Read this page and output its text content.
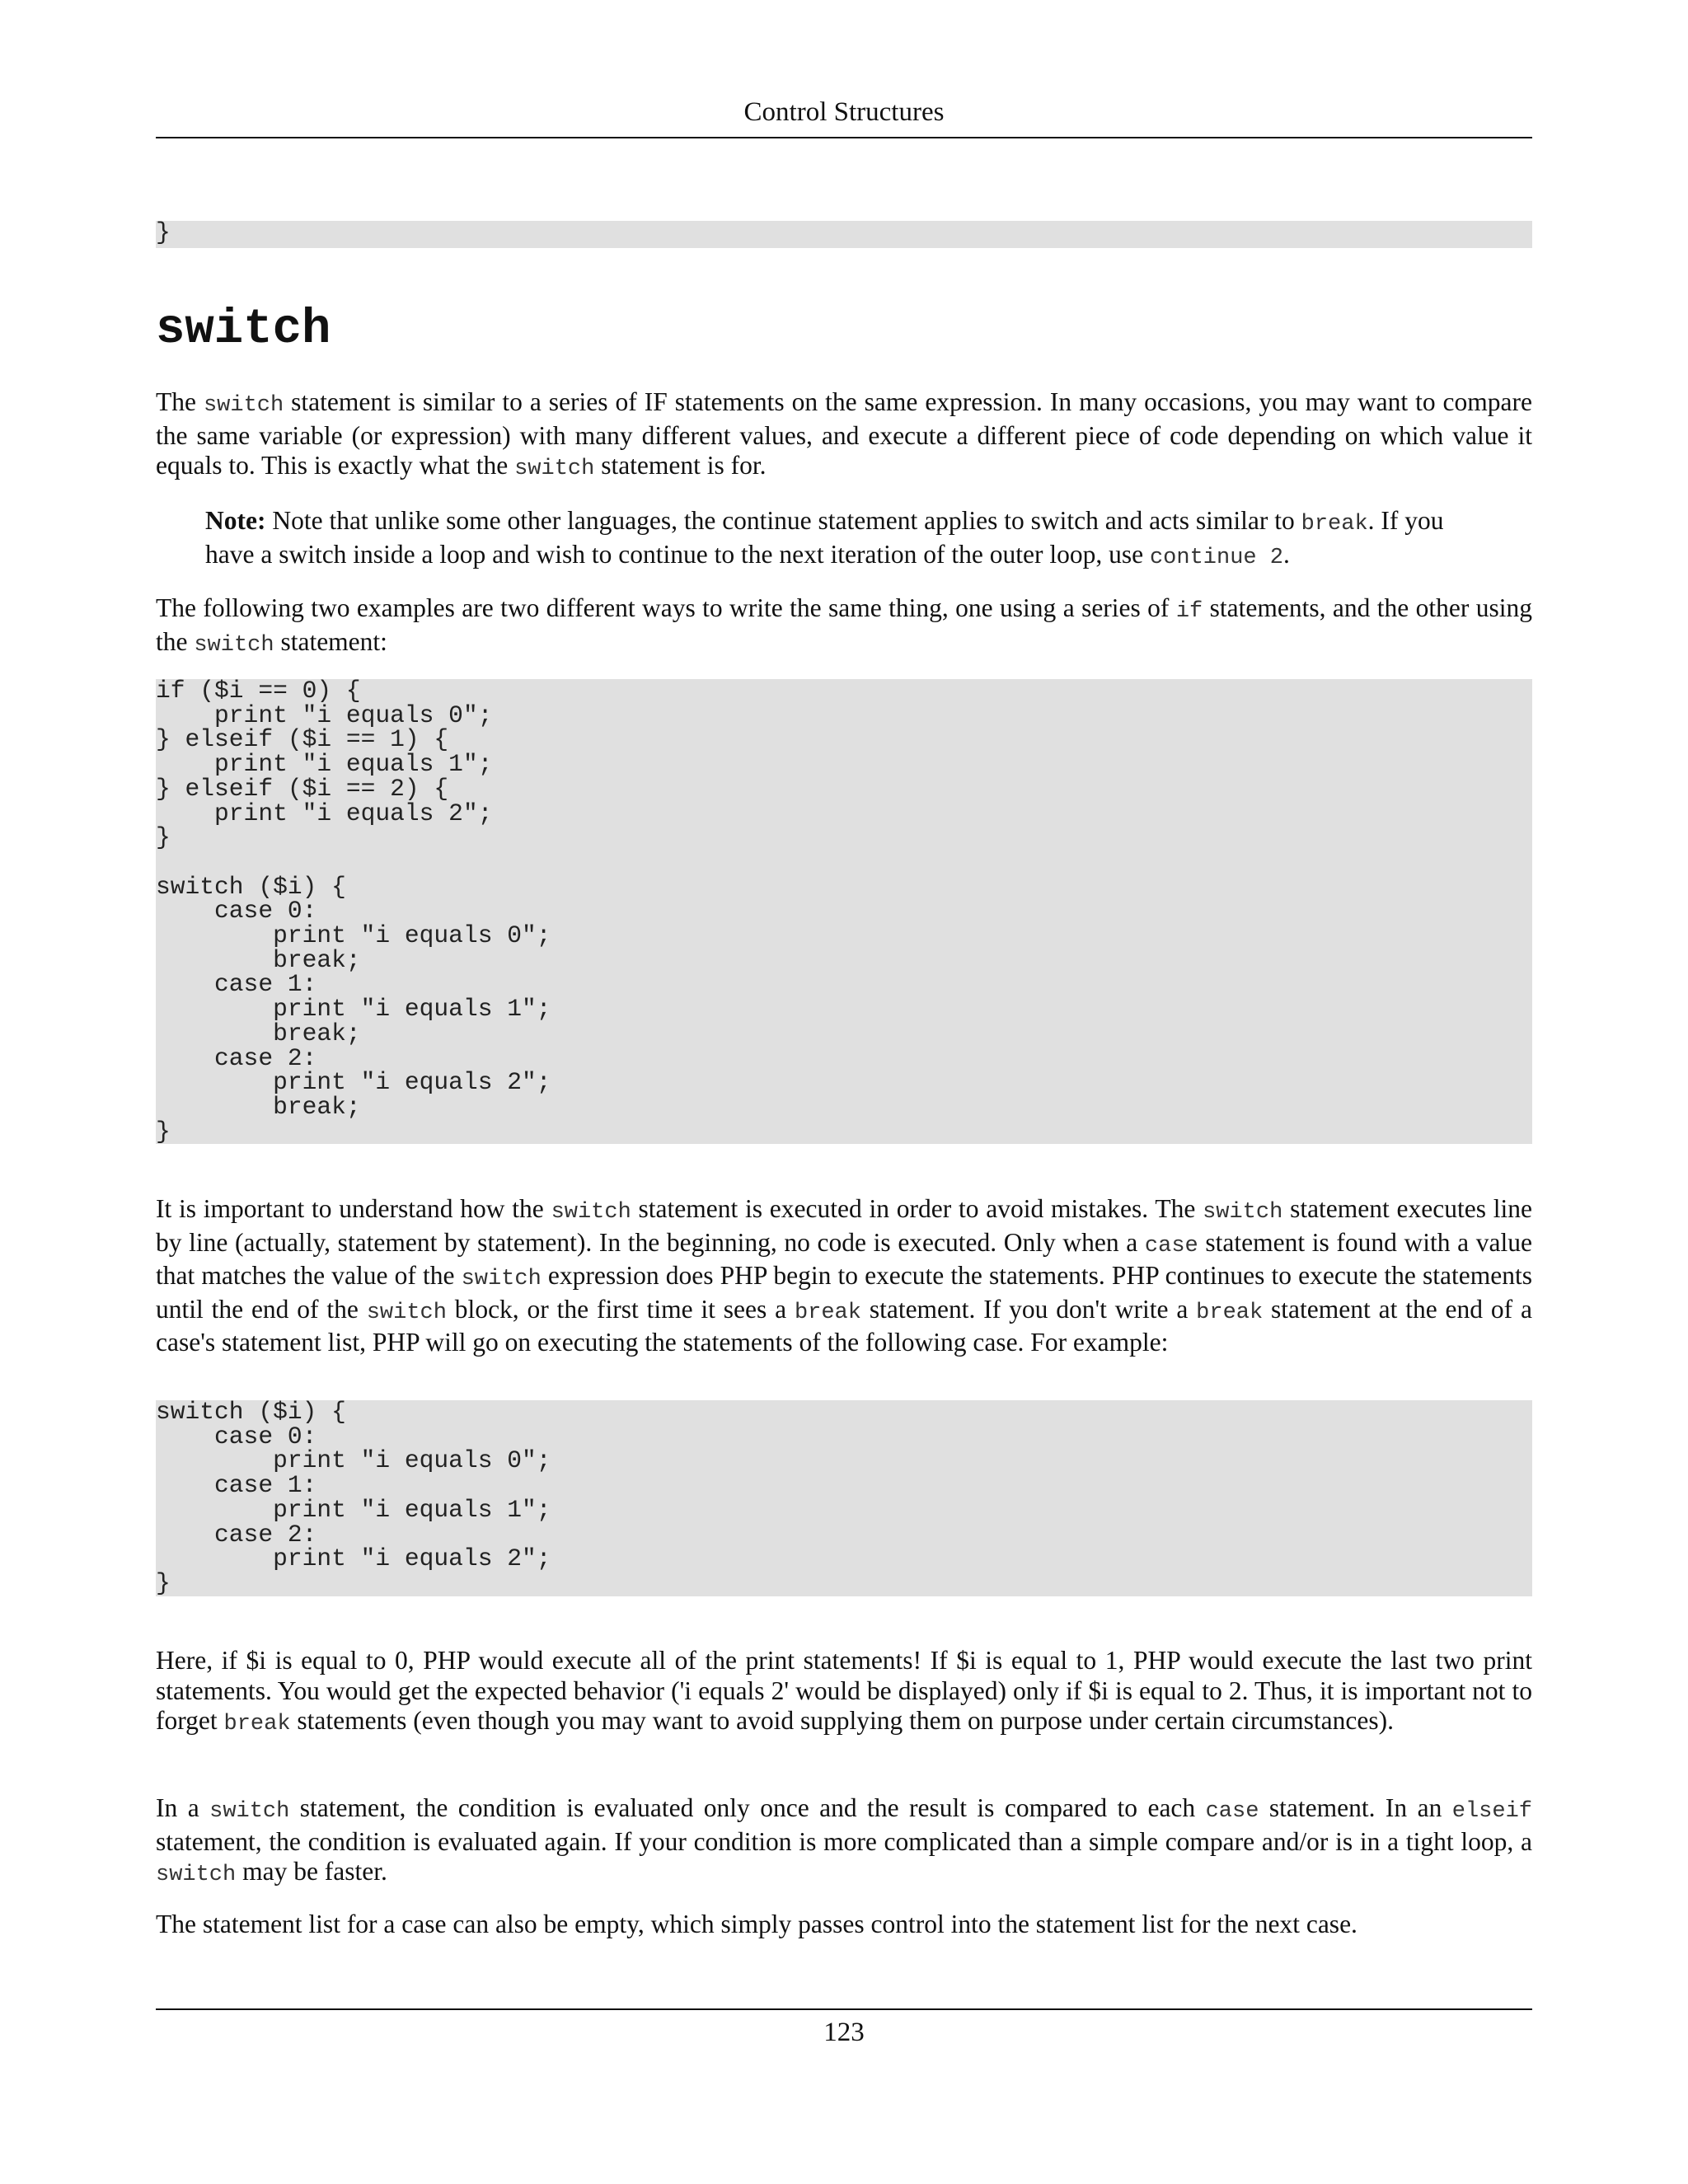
Control Structures
}
switch

The switch statement is similar to a series of IF statements on the same expression. In many occasions, you may want to compare the same variable (or expression) with many different values, and execute a different piece of code depending on which value it equals to. This is exactly what the switch statement is for.

Note: Note that unlike some other languages, the continue statement applies to switch and acts similar to break. If you have a switch inside a loop and wish to continue to the next iteration of the outer loop, use continue 2.

The following two examples are two different ways to write the same thing, one using a series of if statements, and the other using the switch statement:

if ($i == 0) {
print "i equals 0";
} elseif ($i == 1) {
print "i equals 1";
} elseif ($i == 2) {
print "i equals 2";
}

switch ($i) {
case 0:
print "i equals 0";
break;
case 1:
print "i equals 1";
break;
case 2:
print "i equals 2";
break;
}

It is important to understand how the switch statement is executed in order to avoid mistakes. The switch statement executes line by line (actually, statement by statement). In the beginning, no code is executed. Only when a case statement is found with a value that matches the value of the switch expression does PHP begin to execute the statements. PHP continues to execute the statements until the end of the switch block, or the first time it sees a break statement. If you don't write a break statement at the end of a case's statement list, PHP will go on executing the statements of the following case. For example:

switch ($i) {
case 0:
print "i equals 0";
case 1:
print "i equals 1";
case 2:
print "i equals 2";
}

Here, if $i is equal to 0, PHP would execute all of the print statements! If $i is equal to 1, PHP would execute the last two print statements. You would get the expected behavior ('i equals 2' would be displayed) only if $i is equal to 2. Thus, it is important not to forget break statements (even though you may want to avoid supplying them on purpose under certain circumstances).

In a switch statement, the condition is evaluated only once and the result is compared to each case statement. In an elseif statement, the condition is evaluated again. If your condition is more complicated than a simple compare and/or is in a tight loop, a switch may be faster.

The statement list for a case can also be empty, which simply passes control into the statement list for the next case.

123
